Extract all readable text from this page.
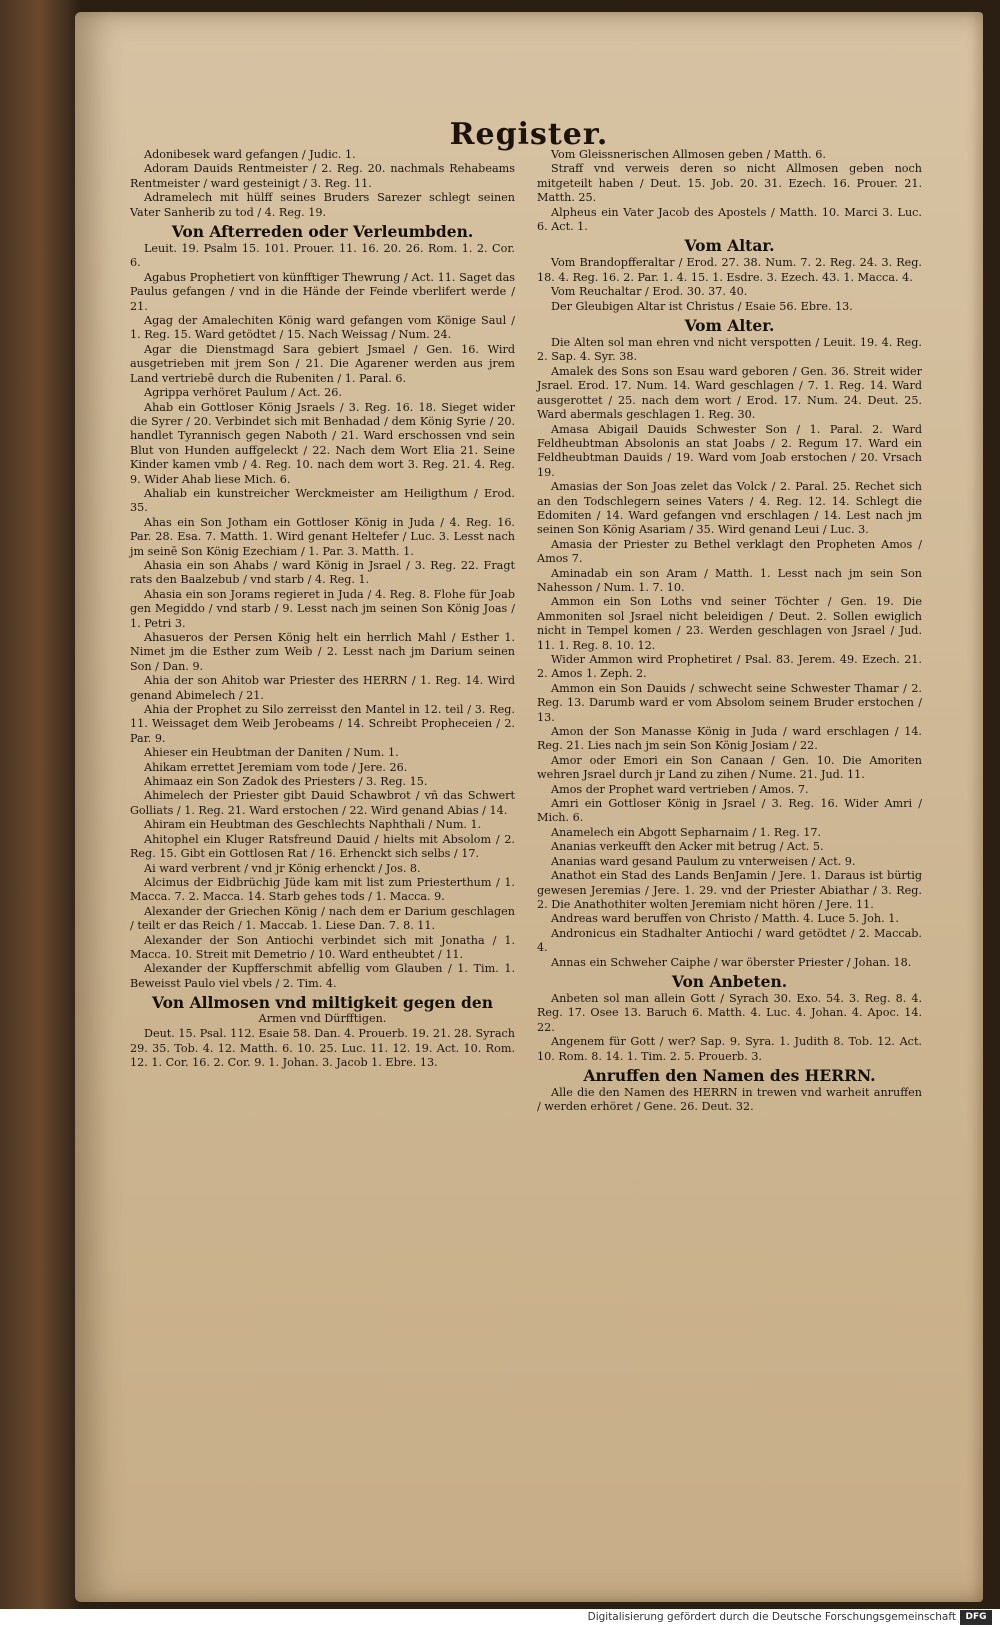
Register.

Adonibesek ward gefangen / Judic. 1.

Adoram Dauids Rentmeister / 2. Reg. 20. nachmals Rehabeams Rentmeister / ward gesteinigt / 3. Reg. 11.

Adramelech mit hülff seines Bruders Sarezer schlegt seinen Vater Sanherib zu tod / 4. Reg. 19.

Von Afterreden oder Verleumbden.

Leuit. 19. Psalm 15. 101. Prouer. 11. 16. 20. 26. Rom. 1. 2. Cor. 6.

Agabus Prophetiert von künfftiger Thewrung / Act. 11. Saget das Paulus gefangen / vnd in die Hände der Feinde vberlifert werde / 21.

Agag der Amalechiten König ward gefangen vom Könige Saul / 1. Reg. 15. Ward getödtet / 15. Nach Weissag / Num. 24.

Agar die Dienstmagd Sara gebiert Jsmael / Gen. 16. Wird ausgetrieben mit jrem Son / 21. Die Agarener werden aus jrem Land vertriebē durch die Rubeniten / 1. Paral. 6.

Agrippa verhöret Paulum / Act. 26.

Ahab ein Gottloser König Jsraels / 3. Reg. 16. 18. Sieget wider die Syrer / 20. Verbindet sich mit Benhadad / dem König Syrie / 20. handlet Tyrannisch gegen Naboth / 21. Ward erschossen vnd sein Blut von Hunden auffgeleckt / 22. Nach dem Wort Elia 21. Seine Kinder kamen vmb / 4. Reg. 10. nach dem wort 3. Reg. 21. 4. Reg. 9. Wider Ahab liese Mich. 6.

Ahaliab ein kunstreicher Werckmeister am Heiligthum / Erod. 35.

Ahas ein Son Jotham ein Gottloser König in Juda / 4. Reg. 16. Par. 28. Esa. 7. Matth. 1. Wird genant Heltefer / Luc. 3. Lesst nach jm seinē Son König Ezechiam / 1. Par. 3. Matth. 1.

Ahasia ein son Ahabs / ward König in Jsrael / 3. Reg. 22. Fragt rats den Baalzebub / vnd starb / 4. Reg. 1.

Ahasia ein son Jorams regieret in Juda / 4. Reg. 8. Flohe für Joab gen Megiddo / vnd starb / 9. Lesst nach jm seinen Son König Joas / 1. Petri 3.

Ahasueros der Persen König helt ein herrlich Mahl / Esther 1. Nimet jm die Esther zum Weib / 2. Lesst nach jm Darium seinen Son / Dan. 9.

Ahia der son Ahitob war Priester des HERRN / 1. Reg. 14. Wird genand Abimelech / 21.

Ahia der Prophet zu Silo zerreisst den Mantel in 12. teil / 3. Reg. 11. Weissaget dem Weib Jerobeams / 14. Schreibt Propheceien / 2. Par. 9.

Ahieser ein Heubtman der Daniten / Num. 1.

Ahikam errettet Jeremiam vom tode / Jere. 26.

Ahimaaz ein Son Zadok des Priesters / 3. Reg. 15.

Ahimelech der Priester gibt Dauid Schawbrot / vñ das Schwert Golliats / 1. Reg. 21. Ward erstochen / 22. Wird genand Abias / 14.

Ahiram ein Heubtman des Geschlechts Naphthali / Num. 1.

Ahitophel ein Kluger Ratsfreund Dauid / hielts mit Absolom / 2. Reg. 15. Gibt ein Gottlosen Rat / 16. Erhenckt sich selbs / 17.

Ai ward verbrent / vnd jr König erhenckt / Jos. 8.

Alcimus der Eidbrüchig Jüde kam mit list zum Priesterthum / 1. Macca. 7. 2. Macca. 14. Starb gehes tods / 1. Macca. 9.

Alexander der Griechen König / nach dem er Darium geschlagen / teilt er das Reich / 1. Maccab. 1. Liese Dan. 7. 8. 11.

Alexander der Son Antiochi verbindet sich mit Jonatha / 1. Macca. 10. Streit mit Demetrio / 10. Ward entheubtet / 11.

Alexander der Kupfferschmit abfellig vom Glauben / 1. Tim. 1. Beweisst Paulo viel vbels / 2. Tim. 4.

Von Allmosen vnd miltigkeit gegen den

Armen vnd Dürfftigen.

Deut. 15. Psal. 112. Esaie 58. Dan. 4. Prouerb. 19. 21. 28. Syrach 29. 35. Tob. 4. 12. Matth. 6. 10. 25. Luc. 11. 12. 19. Act. 10. Rom. 12. 1. Cor. 16. 2. Cor. 9. 1. Johan. 3. Jacob 1. Ebre. 13.

Vom Gleissnerischen Allmosen geben / Matth. 6.

Straff vnd verweis deren so nicht Allmosen geben noch mitgeteilt haben / Deut. 15. Job. 20. 31. Ezech. 16. Prouer. 21. Matth. 25.

Alpheus ein Vater Jacob des Apostels / Matth. 10. Marci 3. Luc. 6. Act. 1.

Vom Altar.

Vom Brandopfferaltar / Erod. 27. 38. Num. 7. 2. Reg. 24. 3. Reg. 18. 4. Reg. 16. 2. Par. 1. 4. 15. 1. Esdre. 3. Ezech. 43. 1. Macca. 4.

Vom Reuchaltar / Erod. 30. 37. 40.

Der Gleubigen Altar ist Christus / Esaie 56. Ebre. 13.

Vom Alter.

Die Alten sol man ehren vnd nicht verspotten / Leuit. 19. 4. Reg. 2. Sap. 4. Syr. 38.

Amalek des Sons son Esau ward geboren / Gen. 36. Streit wider Jsrael. Erod. 17. Num. 14. Ward geschlagen / 7. 1. Reg. 14. Ward ausgerottet / 25. nach dem wort / Erod. 17. Num. 24. Deut. 25. Ward abermals geschlagen 1. Reg. 30.

Amasa Abigail Dauids Schwester Son / 1. Paral. 2. Ward Feldheubtman Absolonis an stat Joabs / 2. Regum 17. Ward ein Feldheubtman Dauids / 19. Ward vom Joab erstochen / 20. Vrsach 19.

Amasias der Son Joas zelet das Volck / 2. Paral. 25. Rechet sich an den Todschlegern seines Vaters / 4. Reg. 12. 14. Schlegt die Edomiten / 14. Ward gefangen vnd erschlagen / 14. Lest nach jm seinen Son König Asariam / 35. Wird genand Leui / Luc. 3.

Amasia der Priester zu Bethel verklagt den Propheten Amos / Amos 7.

Aminadab ein son Aram / Matth. 1. Lesst nach jm sein Son Nahesson / Num. 1. 7. 10.

Ammon ein Son Loths vnd seiner Töchter / Gen. 19. Die Ammoniten sol Jsrael nicht beleidigen / Deut. 2. Sollen ewiglich nicht in Tempel komen / 23. Werden geschlagen von Jsrael / Jud. 11. 1. Reg. 8. 10. 12.

Wider Ammon wird Prophetiret / Psal. 83. Jerem. 49. Ezech. 21. 2. Amos 1. Zeph. 2.

Ammon ein Son Dauids / schwecht seine Schwester Thamar / 2. Reg. 13. Darumb ward er vom Absolom seinem Bruder erstochen / 13.

Amon der Son Manasse König in Juda / ward erschlagen / 14. Reg. 21. Lies nach jm sein Son König Josiam / 22.

Amor oder Emori ein Son Canaan / Gen. 10. Die Amoriten wehren Jsrael durch jr Land zu zihen / Nume. 21. Jud. 11.

Amos der Prophet ward vertrieben / Amos. 7.

Amri ein Gottloser König in Jsrael / 3. Reg. 16. Wider Amri / Mich. 6.

Anamelech ein Abgott Sepharnaim / 1. Reg. 17.

Ananias verkeufft den Acker mit betrug / Act. 5.

Ananias ward gesand Paulum zu vnterweisen / Act. 9.

Anathot ein Stad des Lands BenJamin / Jere. 1. Daraus ist bürtig gewesen Jeremias / Jere. 1. 29. vnd der Priester Abiathar / 3. Reg. 2. Die Anathothiter wolten Jeremiam nicht hören / Jere. 11.

Andreas ward beruffen von Christo / Matth. 4. Luce 5. Joh. 1.

Andronicus ein Stadhalter Antiochi / ward getödtet / 2. Maccab. 4.

Annas ein Schweher Caiphe / war öberster Priester / Johan. 18.

Von Anbeten.

Anbeten sol man allein Gott / Syrach 30. Exo. 54. 3. Reg. 8. 4. Reg. 17. Osee 13. Baruch 6. Matth. 4. Luc. 4. Johan. 4. Apoc. 14. 22.

Angenem für Gott / wer? Sap. 9. Syra. 1. Judith 8. Tob. 12. Act. 10. Rom. 8. 14. 1. Tim. 2. 5. Prouerb. 3.

Anruffen den Namen des HERRN.

Alle die den Namen des HERRN in trewen vnd warheit anruffen / werden erhöret / Gene. 26. Deut. 32.

Digitalisierung gefördert durch die Deutsche Forschungsgemeinschaft	DFG
